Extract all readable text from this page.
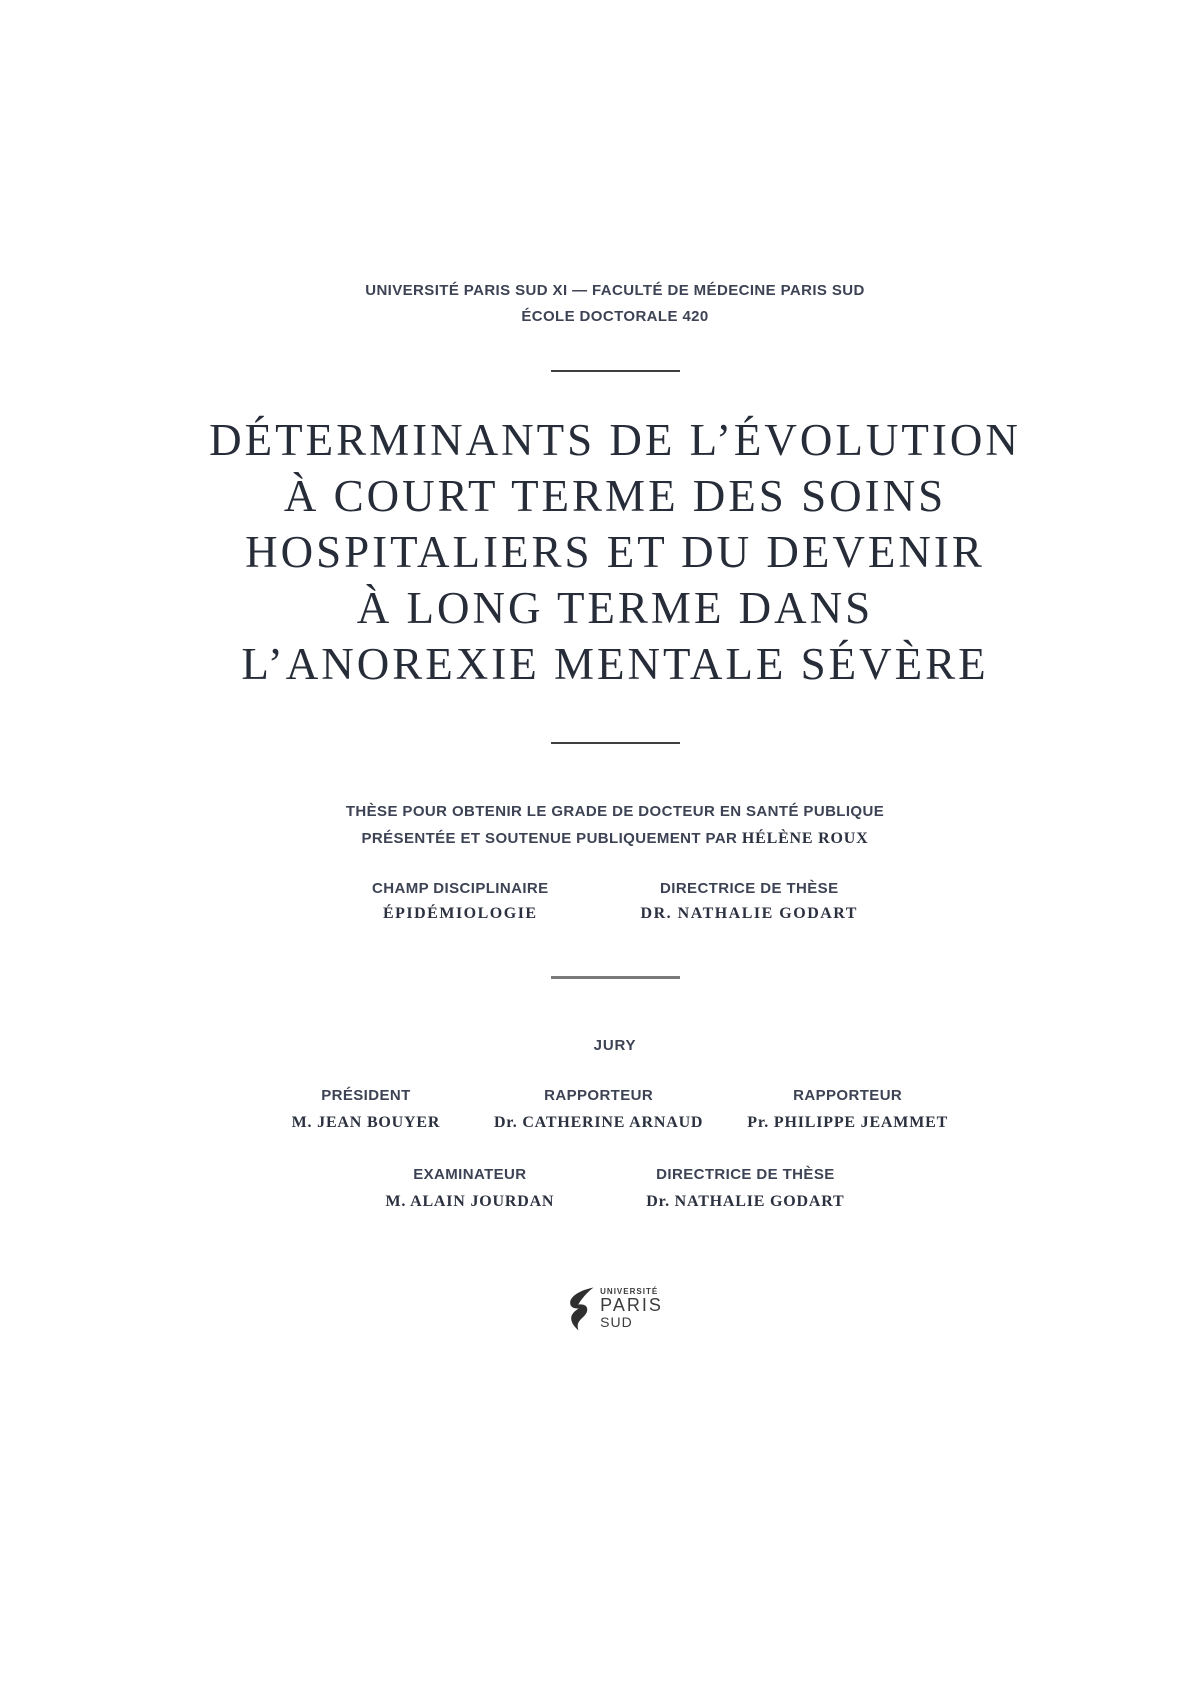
UNIVERSITÉ PARIS SUD XI — FACULTÉ DE MÉDECINE PARIS SUD
ÉCOLE DOCTORALE 420
DÉTERMINANTS DE L’ÉVOLUTION
À COURT TERME DES SOINS
HOSPITALIERS ET DU DEVENIR
À LONG TERME DANS
L’ANOREXIE MENTALE SÉVÈRE
THÈSE POUR OBTENIR LE GRADE DE DOCTEUR EN SANTÉ PUBLIQUE
PRÉSENTÉE ET SOUTENUE PUBLIQUEMENT PAR HÉLÈNE ROUX
CHAMP DISCIPLINAIRE
ÉPIDÉMIOLOGIE
DIRECTRICE DE THÈSE
DR. NATHALIE GODART
JURY
PRÉSIDENT
M. JEAN BOUYER
RAPPORTEUR
Dr. CATHERINE ARNAUD
RAPPORTEUR
Pr. PHILIPPE JEAMMET
EXAMINATEUR
M. ALAIN JOURDAN
DIRECTRICE DE THÈSE
Dr. NATHALIE GODART
UNIVERSITÉ
PARIS
SUD
